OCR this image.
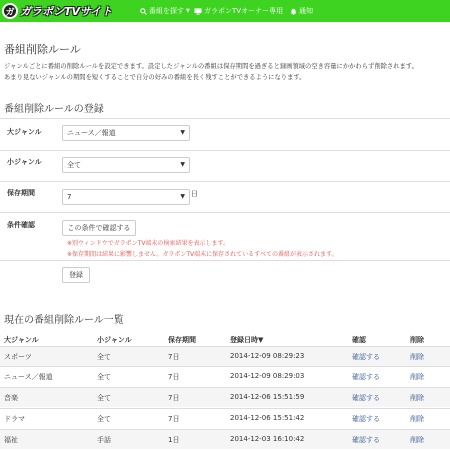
ガ ガラポンTVサイト	番組を探す ▼ ガラポンTVオーナー専用 通知
番組削除ルール
ジャンルごとに番組の削除ルールを設定できます。設定したジャンルの番組は保存期間を過ぎると録画領域の空き容量にかかわらず削除されます。
あまり見ないジャンルの期間を短くすることで自分の好みの番組を長く残すことができるようになります。
番組削除ルールの登録
大ジャンル	ニュース／報道	▼
小ジャンル	全て	▼
保存期間	7	▼ 日
条件確認	この条件で確認する
※別ウィンドウでガラポンTV端末の検索結果を表示します。
※保存期間は結果に影響しません。ガラポンTV端末に保存されているすべての番組が表示されます。
登録
現在の番組削除ルール一覧
大ジャンル	小ジャンル	保存期間	登録日時▼	確認	削除
スポーツ	全て	7日	2014-12-09 08:29:23	確認する	削除
ニュース／報道	全て	7日	2014-12-09 08:29:03	確認する	削除
音楽	全て	7日	2014-12-06 15:51:59	確認する	削除
ドラマ	全て	7日	2014-12-06 15:51:42	確認する	削除
福祉	手話	1日	2014-12-03 16:10:42	確認する	削除
